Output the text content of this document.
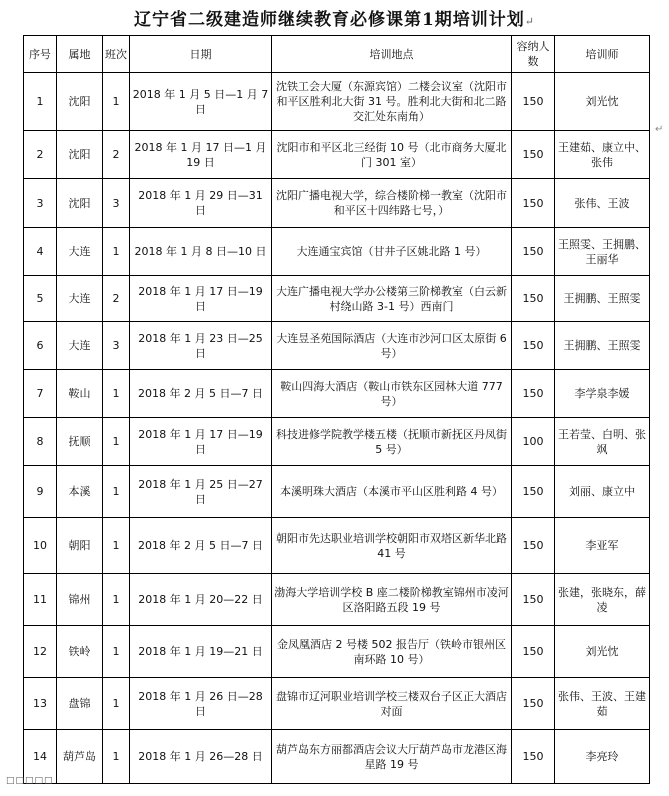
辽宁省二级建造师继续教育必修课第1期培训计划↵
序号	属地	班次	日期	培训地点	容纳人数	培训师
1	沈阳	1	2018 年 1 月 5 日—1 月 7 日	沈铁工会大厦（东源宾馆）二楼会议室（沈阳市和平区胜利北大街 31 号。胜利北大街和北二路交汇处东南角）	150	刘光忱
2	沈阳	2	2018 年 1 月 17 日—1 月 19 日	沈阳市和平区北三经街 10 号（北市商务大厦北门 301 室）	150	王建茹、康立中、张伟
3	沈阳	3	2018 年 1 月 29 日—31 日	沈阳广播电视大学，综合楼阶梯一教室（沈阳市和平区十四纬路七号，）	150	张伟、王波
4	大连	1	2018 年 1 月 8 日—10 日	大连通宝宾馆（甘井子区姚北路 1 号）	150	王照雯、王拥鹏、王丽华
5	大连	2	2018 年 1 月 17 日—19 日	大连广播电视大学办公楼第三阶梯教室（白云新村绕山路 3-1 号）西南门	150	王拥鹏、王照雯
6	大连	3	2018 年 1 月 23 日—25 日	大连昱圣苑国际酒店（大连市沙河口区太原街 6 号）	150	王拥鹏、王照雯
7	鞍山	1	2018 年 2 月 5 日—7 日	鞍山四海大酒店（鞍山市铁东区园林大道 777 号）	150	李学泉李媛
8	抚顺	1	2018 年 1 月 17 日—19 日	科技进修学院教学楼五楼（抚顺市新抚区丹凤街 5 号）	100	王若莹、白明、张飒
9	本溪	1	2018 年 1 月 25 日—27 日	本溪明珠大酒店（本溪市平山区胜利路 4 号）	150	刘丽、康立中
10	朝阳	1	2018 年 2 月 5 日—7 日	朝阳市先达职业培训学校朝阳市双塔区新华北路 41 号	150	李亚军
11	锦州	1	2018 年 1 月 20—22 日	渤海大学培训学校 B 座二楼阶梯教室锦州市凌河区洛阳路五段 19 号	150	张建，张晓东，薛凌
12	铁岭	1	2018 年 1 月 19—21 日	金凤凰酒店 2 号楼 502 报告厅（铁岭市银州区南环路 10 号）	150	刘光忱
13	盘锦	1	2018 年 1 月 26 日—28 日	盘锦市辽河职业培训学校三楼双台子区正大酒店对面	150	张伟、王波、王建茹
14	葫芦岛	1	2018 年 1 月 26—28 日	葫芦岛东方丽都酒店会议大厅葫芦岛市龙港区海星路 19 号	150	李亮玲
↵
□□□□□
